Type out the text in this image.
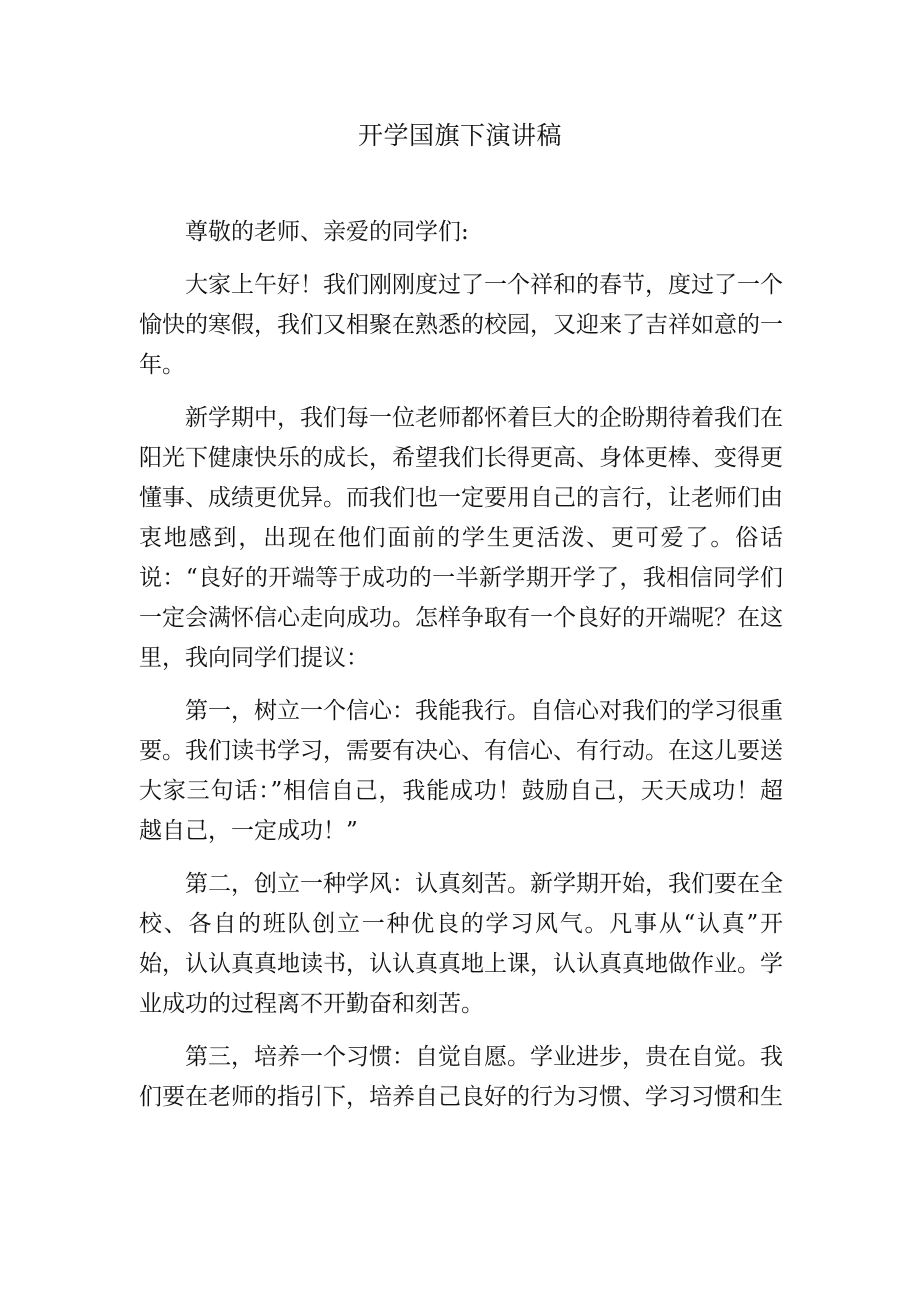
开学国旗下演讲稿

尊敬的老师、亲爱的同学们:

大家上午好！我们刚刚度过了一个祥和的春节，度过了一个愉快的寒假，我们又相聚在熟悉的校园，又迎来了吉祥如意的一年。

新学期中，我们每一位老师都怀着巨大的企盼期待着我们在阳光下健康快乐的成长，希望我们长得更高、身体更棒、变得更懂事、成绩更优异。而我们也一定要用自己的言行，让老师们由衷地感到，出现在他们面前的学生更活泼、更可爱了。俗话说：“良好的开端等于成功的一半新学期开学了，我相信同学们一定会满怀信心走向成功。怎样争取有一个良好的开端呢？在这里，我向同学们提议：

第一，树立一个信心：我能我行。自信心对我们的学习很重要。我们读书学习，需要有决心、有信心、有行动。在这儿要送大家三句话：”相信自己，我能成功！鼓励自己，天天成功！超越自己，一定成功！”

第二，创立一种学风：认真刻苦。新学期开始，我们要在全校、各自的班队创立一种优良的学习风气。凡事从“认真”开始，认认真真地读书，认认真真地上课，认认真真地做作业。学业成功的过程离不开勤奋和刻苦。

第三，培养一个习惯：自觉自愿。学业进步，贵在自觉。我们要在老师的指引下，培养自己良好的行为习惯、学习习惯和生
